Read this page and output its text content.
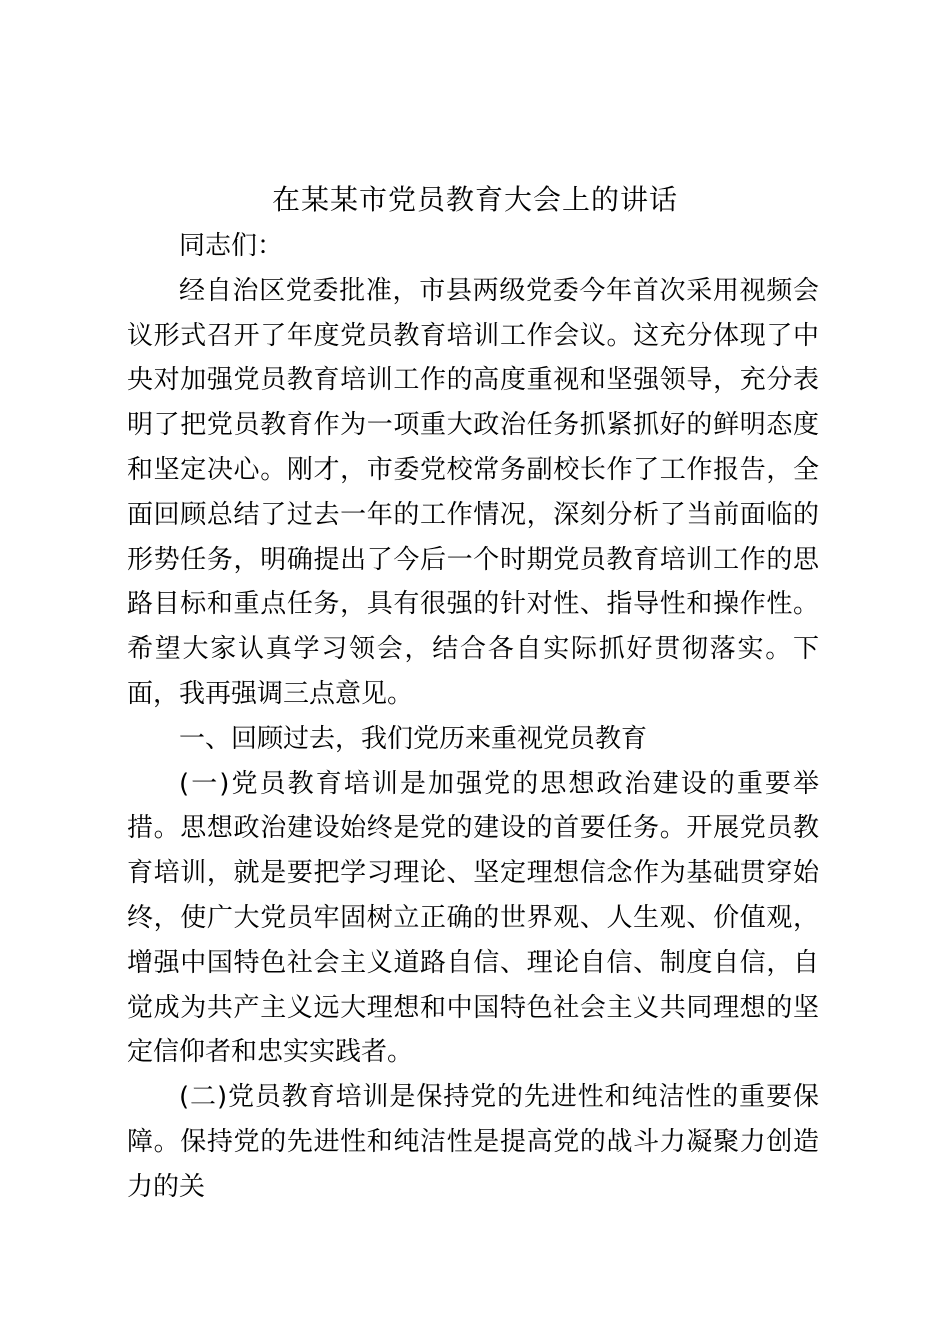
在某某市党员教育大会上的讲话

同志们：

经自治区党委批准，市县两级党委今年首次采用视频会议形式召开了年度党员教育培训工作会议。这充分体现了中央对加强党员教育培训工作的高度重视和坚强领导，充分表明了把党员教育作为一项重大政治任务抓紧抓好的鲜明态度和坚定决心。刚才，市委党校常务副校长作了工作报告，全面回顾总结了过去一年的工作情况，深刻分析了当前面临的形势任务，明确提出了今后一个时期党员教育培训工作的思路目标和重点任务，具有很强的针对性、指导性和操作性。希望大家认真学习领会，结合各自实际抓好贯彻落实。下面，我再强调三点意见。

一、回顾过去，我们党历来重视党员教育

(一)党员教育培训是加强党的思想政治建设的重要举措。思想政治建设始终是党的建设的首要任务。开展党员教育培训，就是要把学习理论、坚定理想信念作为基础贯穿始终，使广大党员牢固树立正确的世界观、人生观、价值观，增强中国特色社会主义道路自信、理论自信、制度自信，自觉成为共产主义远大理想和中国特色社会主义共同理想的坚定信仰者和忠实实践者。

(二)党员教育培训是保持党的先进性和纯洁性的重要保障。保持党的先进性和纯洁性是提高党的战斗力凝聚力创造力的关
